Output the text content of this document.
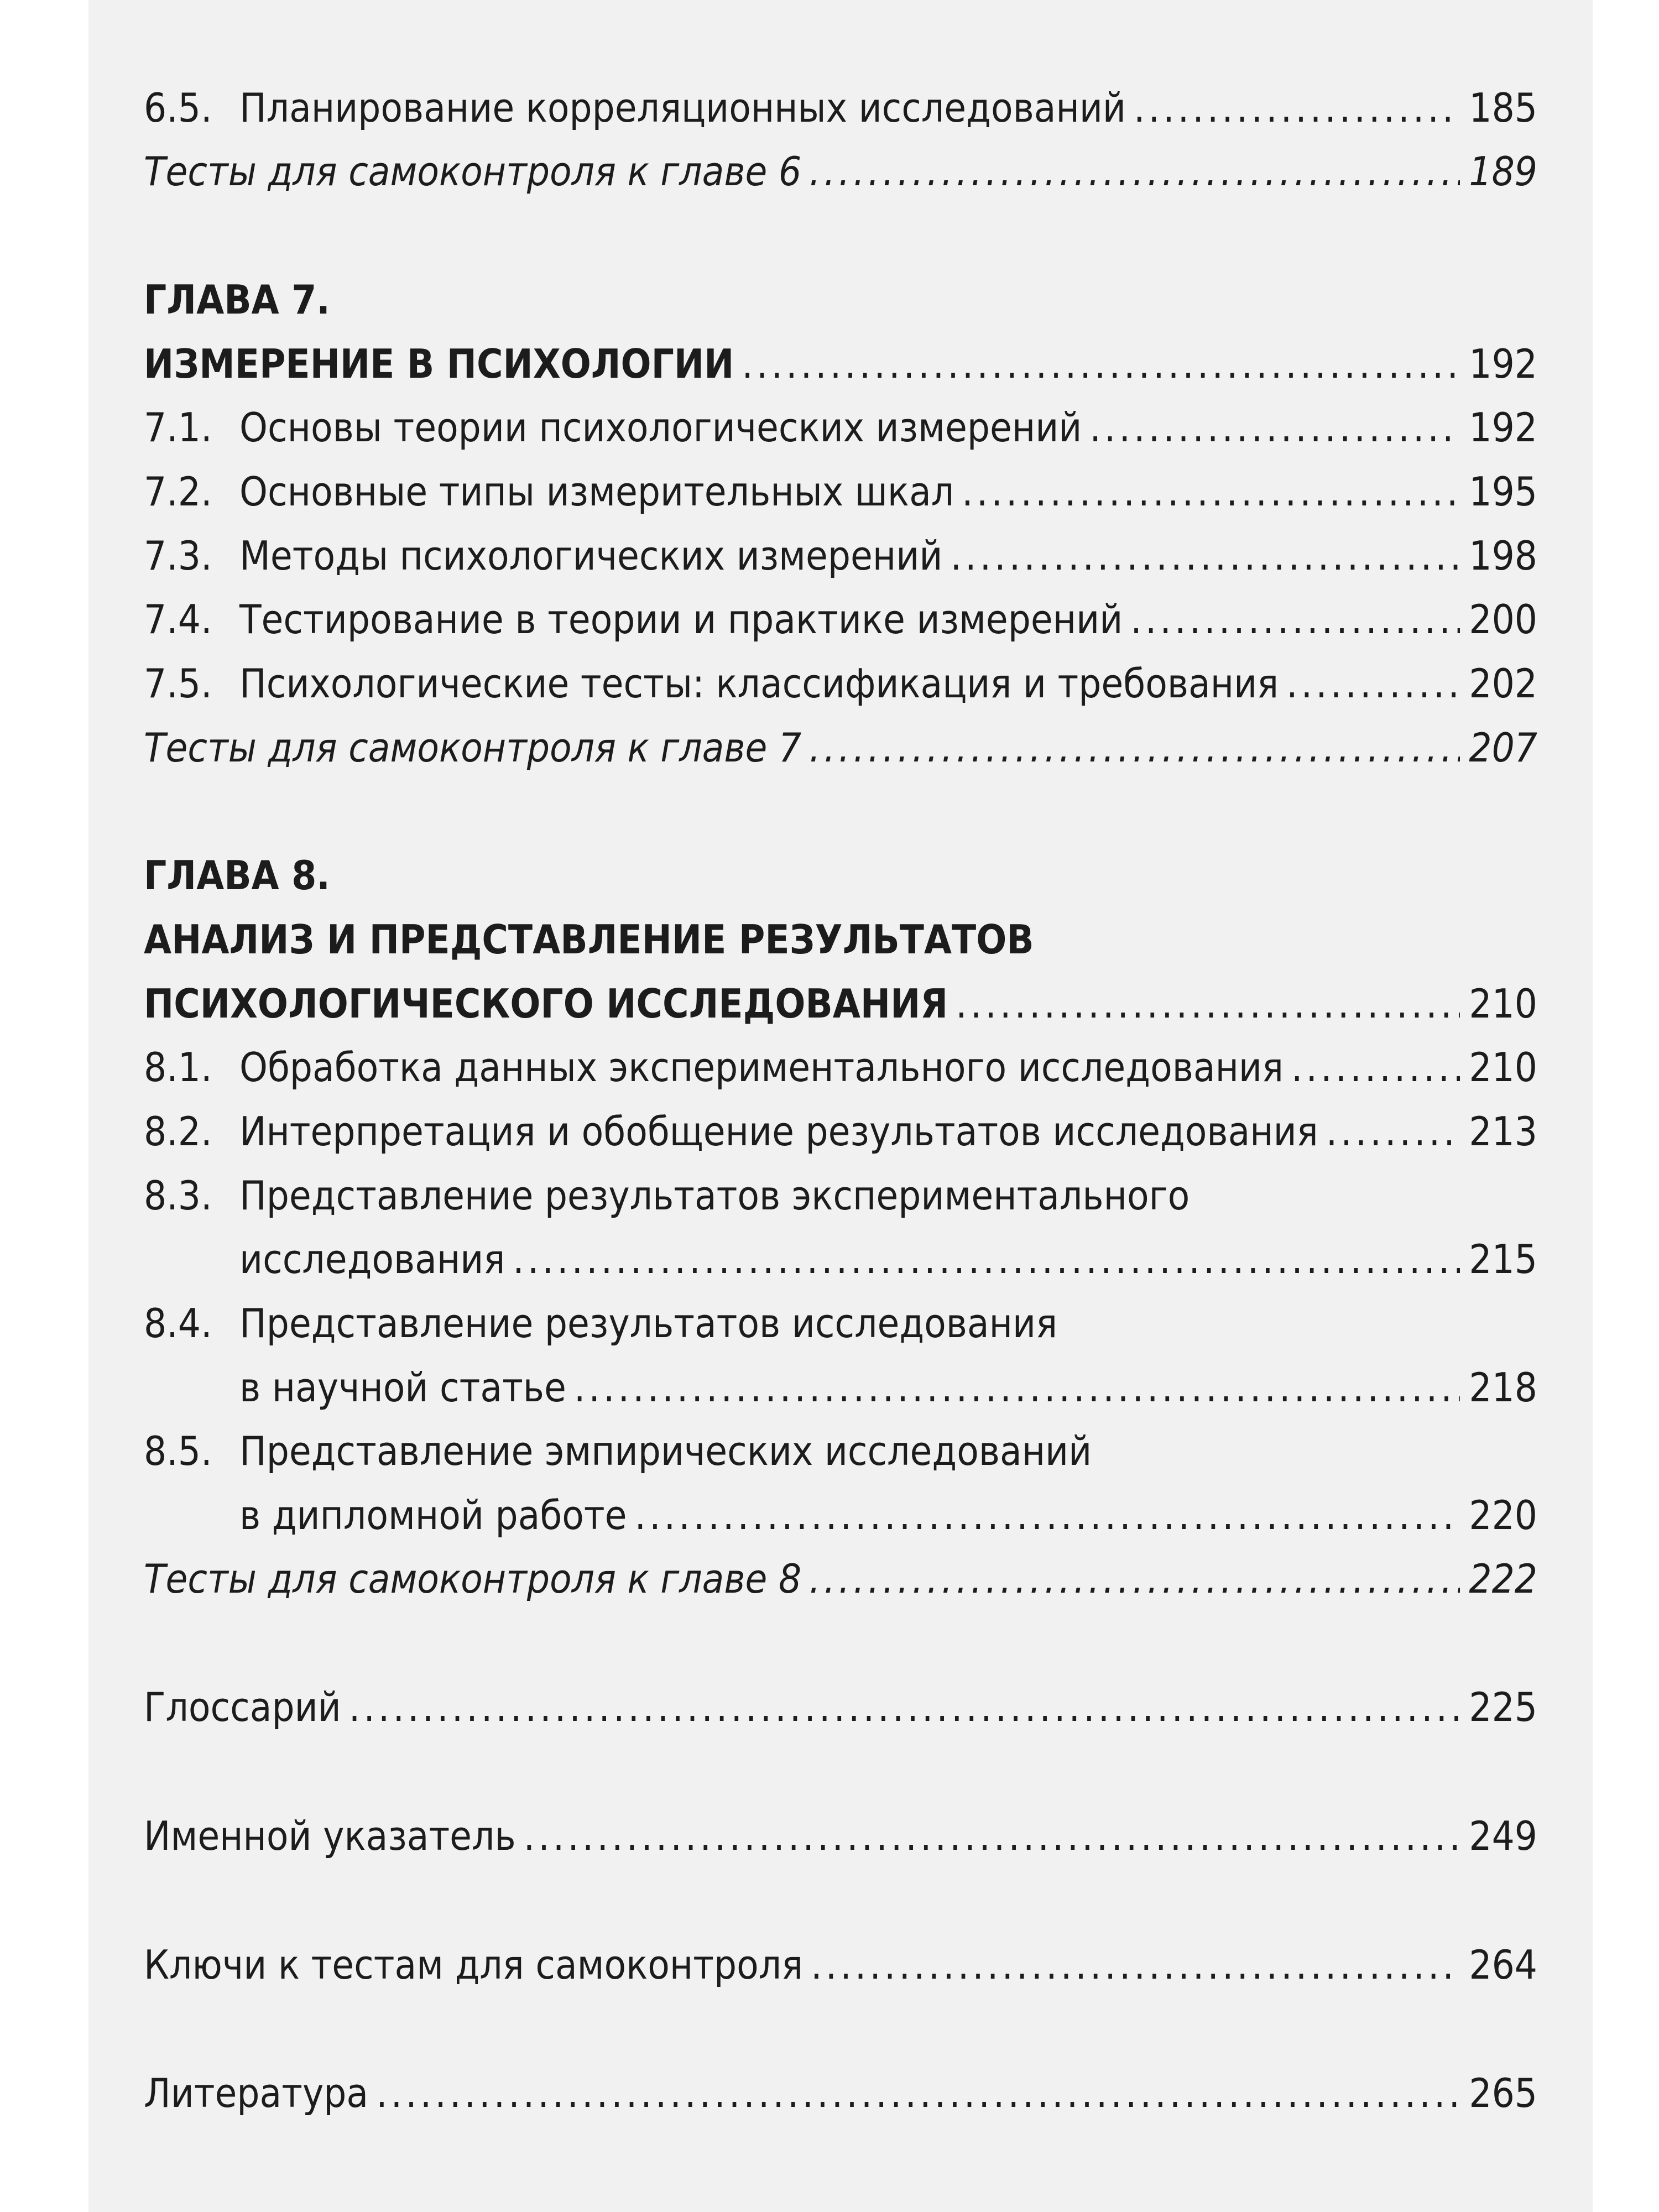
6.5. Планирование корреляционных исследований .....	185
Тесты для самоконтроля к главе 6 .....	189
ГЛАВА 7.
ИЗМЕРЕНИЕ В ПСИХОЛОГИИ .....	192
7.1. Основы теории психологических измерений .....	192
7.2. Основные типы измерительных шкал .....	195
7.3. Методы психологических измерений .....	198
7.4. Тестирование в теории и практике измерений .....	200
7.5. Психологические тесты: классификация и требования .....	202
Тесты для самоконтроля к главе 7 .....	207
ГЛАВА 8.
АНАЛИЗ И ПРЕДСТАВЛЕНИЕ РЕЗУЛЬТАТОВ
ПСИХОЛОГИЧЕСКОГО ИССЛЕДОВАНИЯ .....	210
8.1. Обработка данных экспериментального исследования .....	210
8.2. Интерпретация и обобщение результатов исследования .....	213
8.3. Представление результатов экспериментального
исследования .....	215
8.4. Представление результатов исследования
в научной статье .....	218
8.5. Представление эмпирических исследований
в дипломной работе .....	220
Тесты для самоконтроля к главе 8 .....	222
Глоссарий .....	225
Именной указатель .....	249
Ключи к тестам для самоконтроля .....	264
Литература .....	265
